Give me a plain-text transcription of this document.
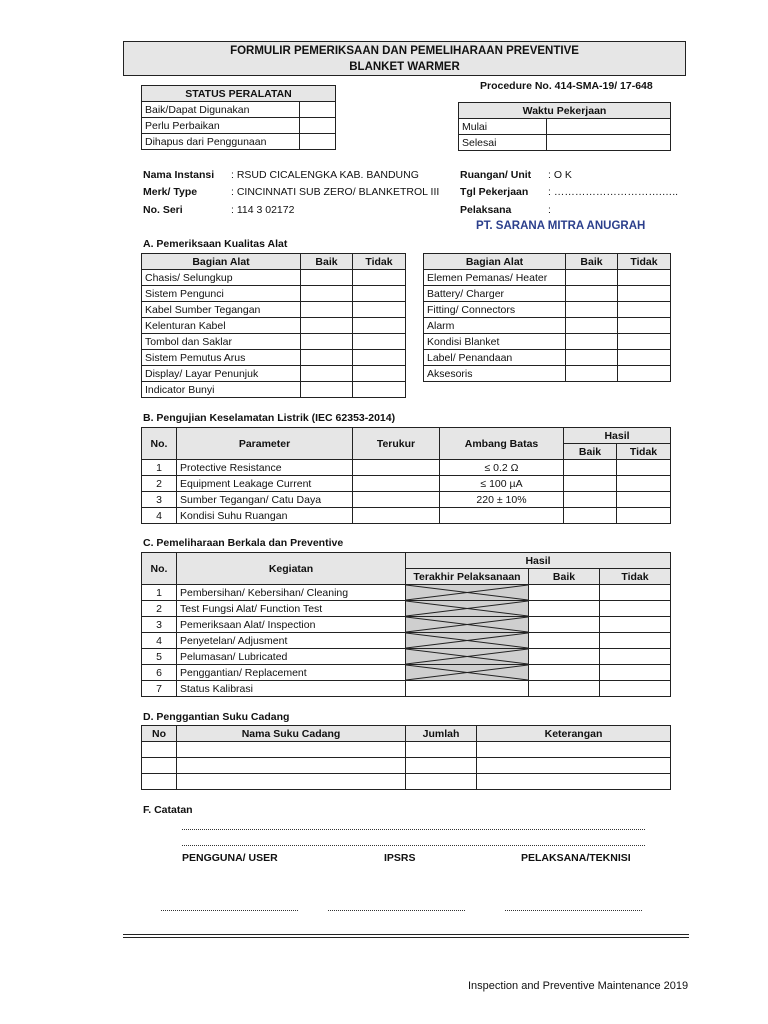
FORMULIR PEMERIKSAAN DAN PEMELIHARAAN PREVENTIVE
BLANKET WARMER
Procedure No. 414-SMA-19/ 17-648
STATUS PERALATAN	
Baik/Dapat Digunakan	
Perlu Perbaikan	
Dihapus dari Penggunaan	
Waktu Pekerjaan	
Mulai	
Selesai	
Nama Instansi : RSUD CICALENGKA KAB. BANDUNG
Merk/ Type	: CINCINNATI SUB ZERO/ BLANKETROL III
No. Seri	: 114 3 02172
Ruangan/ Unit : O K
Tgl Pekerjaan : ………………………….…..
Pelaksana	:
PT. SARANA MITRA ANUGRAH
A. Pemeriksaan Kualitas Alat
Bagian Alat	Baik	Tidak
Chasis/ Selungkup		
Sistem Pengunci		
Kabel Sumber Tegangan		
Kelenturan Kabel		
Tombol dan Saklar		
Sistem Pemutus Arus		
Display/ Layar Penunjuk		
Indicator Bunyi		
Bagian Alat	Baik	Tidak
Elemen Pemanas/ Heater		
Battery/ Charger		
Fitting/ Connectors		
Alarm		
Kondisi Blanket		
Label/ Penandaan		
Aksesoris		
B. Pengujian Keselamatan Listrik (IEC 62353-2014)
No.	Parameter	Terukur	Ambang Batas	Hasil	
				Baik	Tidak
1	Protective Resistance		≤ 0.2 Ω		
2	Equipment Leakage Current		≤ 100 µA		
3	Sumber Tegangan/ Catu Daya		220 ± 10%		
4	Kondisi Suhu Ruangan				
C. Pemeliharaan Berkala dan Preventive
No.	Kegiatan	Hasil		
		Terakhir Pelaksanaan	Baik	Tidak
1	Pembersihan/ Kebersihan/ Cleaning	

2	Test Fungsi Alat/ Function Test	

3	Pemeriksaan Alat/ Inspection	

4	Penyetelan/ Adjusment	

5	Pelumasan/ Lubricated	

6	Penggantian/ Replacement	

7	Status Kalibrasi			
D. Penggantian Suku Cadang
No	Nama Suku Cadang	Jumlah	Keterangan

F. Catatan
PENGGUNA/ USER	IPSRS	PELAKSANA/TEKNISI
Inspection and Preventive Maintenance 2019
